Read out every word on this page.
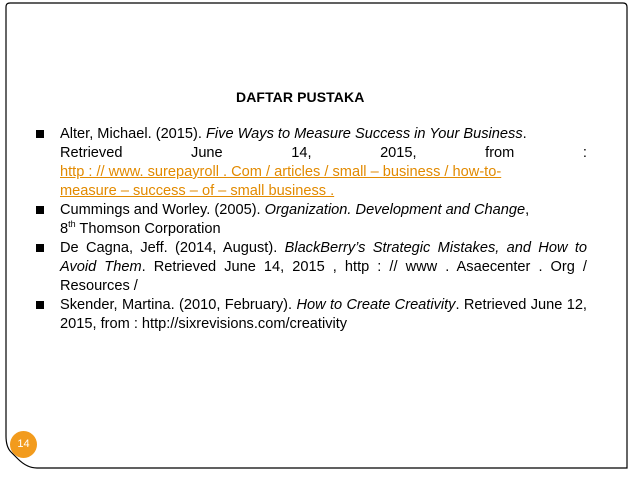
14
DAFTAR PUSTAKA
Alter, Michael. (2015). Five Ways to Measure Success in Your Business.
Retrieved	June	14,	2015,	from	:
http : // www. surepayroll . Com / articles / small – business / how-to-
measure – success – of – small business .
Cummings and Worley. (2005). Organization. Development and Change,
8th Thomson Corporation
De Cagna, Jeff. (2014, August). BlackBerry’s Strategic Mistakes, and How to Avoid Them. Retrieved June 14, 2015 , http : // www . Asaecenter . Org / Resources /
Skender, Martina. (2010, February). How to Create Creativity. Retrieved June 12, 2015, from : http://sixrevisions.com/creativity
